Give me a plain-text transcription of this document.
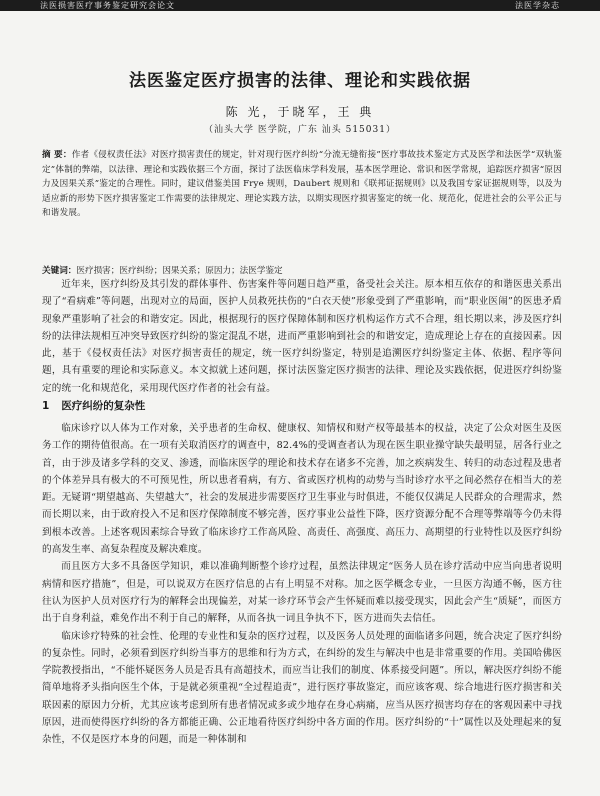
法医损害医疗事务鉴定研究会论文	法医学杂志
法医鉴定医疗损害的法律、理论和实践依据
陈 光，于晓军，王 典
（汕头大学 医学院，广东 汕头 515031）
摘 要：作者《侵权责任法》对医疗损害责任的规定，针对现行医疗纠纷“分流无缝衔接”医疗事故技术鉴定方式及医学和法医学“双轨鉴定”体制的弊端，以法律、理论和实践依据三个方面，探讨了法医临床学科发展，基本医学理论、常识和医学常规，追踪医疗损害“原因力及因果关系”鉴定的合理性。同时，建议借鉴美国 Frye 规则，Daubert 规则和《联邦证据规则》以及我国专家证据规则等，以及为适应新的形势下医疗损害鉴定工作需要的法律规定、理论实践方法，以期实现医疗损害鉴定的统一化、规范化，促进社会的公平公正与和谐发展。
关键词：医疗损害；医疗纠纷；因果关系；原因力；法医学鉴定

近年来，医疗纠纷及其引发的群体事件、伤害案件等问题日趋严重，备受社会关注。原本相互依存的和谐医患关系出现了“看病难”等问题，出现对立的局面，医护人员救死扶伤的“白衣天使”形象受到了严重影响，而“职业医闹”的医患矛盾现象严重影响了社会的和谐安定。因此，根据现行的医疗保障体制和医疗机构运作方式不合理，组长期以来，涉及医疗纠纷的法律法规相互冲突导致医疗纠纷的鉴定混乱不堪，进而严重影响到社会的和谐安定，造成理论上存在的直接因素。因此，基于《侵权责任法》对医疗损害责任的规定，统一医疗纠纷鉴定，特别是追溯医疗纠纷鉴定主体、依据、程序等问题，具有重要的理论和实际意义。本文拟就上述问题，探讨法医鉴定医疗损害的法律、理论及实践依据，促进医疗纠纷鉴定的统一化和规范化，采用现代医疗作者的社会有益。

1 医疗纠纷的复杂性

临床诊疗以人体为工作对象，关乎患者的生命权、健康权、知情权和财产权等最基本的权益，决定了公众对医生及医务工作的期待值很高。在一项有关取消医疗的调查中，82.4%的受调查者认为现在医生职业操守缺失最明显，居各行业之首，由于涉及诸多学科的交叉、渗透，而临床医学的理论和技术存在诸多不完善，加之疾病发生、转归的动态过程及患者的个体差异具有极大的不可预见性，所以患者看病，有方、省或医疗机构的动势与当时诊疗水平之间必然存在相当大的差距。无疑谓“期望越高、失望越大”，社会的发展进步需要医疗卫生事业与时俱进，不能仅仅满足人民群众的合理需求，然而长期以来，由于政府投入不足和医疗保障制度不够完善，医疗事业公益性下降，医疗资源分配不合理等弊端等今仍未得到根本改善。上述客观因素综合导致了临床诊疗工作高风险、高责任、高强度、高压力、高期望的行业特性以及医疗纠纷的高发生率、高复杂程度及解决难度。

而且医方大多不具备医学知识，难以准确判断整个诊疗过程，虽然法律规定“医务人员在诊疗活动中应当向患者说明病情和医疗措施”，但是，可以说双方在医疗信息的占有上明显不对称。加之医学概念专业，一旦医方沟通不畅，医方往往认为医护人员对医疗行为的解释会出现偏差，对某一诊疗环节会产生怀疑而难以接受现实，因此会产生“质疑”，而医方出于自身利益，难免作出不利于自己的解释，从而各执一词且争执不下，医方进而失去信任。

临床诊疗特殊的社会性、伦理的专业性和复杂的医疗过程，以及医务人员处理的面临诸多问题，统合决定了医疗纠纷的复杂性。同时，必须看到医疗纠纷当事方的思维和行为方式，在纠纷的发生与解决中也是非常重要的作用。美国哈佛医学院教授指出，“不能怀疑医务人员是否具有高超技术，而应当让我们的制度、体系接受问题”。所以，解决医疗纠纷不能简单地将矛头指向医生个体，于是就必须重视“全过程追责”，进行医疗事故鉴定，而应该客观、综合地进行医疗损害和关联因素的原因力分析，尤其应该考虑到所有患者情况或多或少地存在身心病痛，应当从医疗损害均存在的客观因素中寻找原因，进而使得医疗纠纷的各方都能正确、公正地看待医疗纠纷中各方面的作用。医疗纠纷的“十”属性以及处理起来的复杂性，不仅是医疗本身的问题，而是一种体制和
